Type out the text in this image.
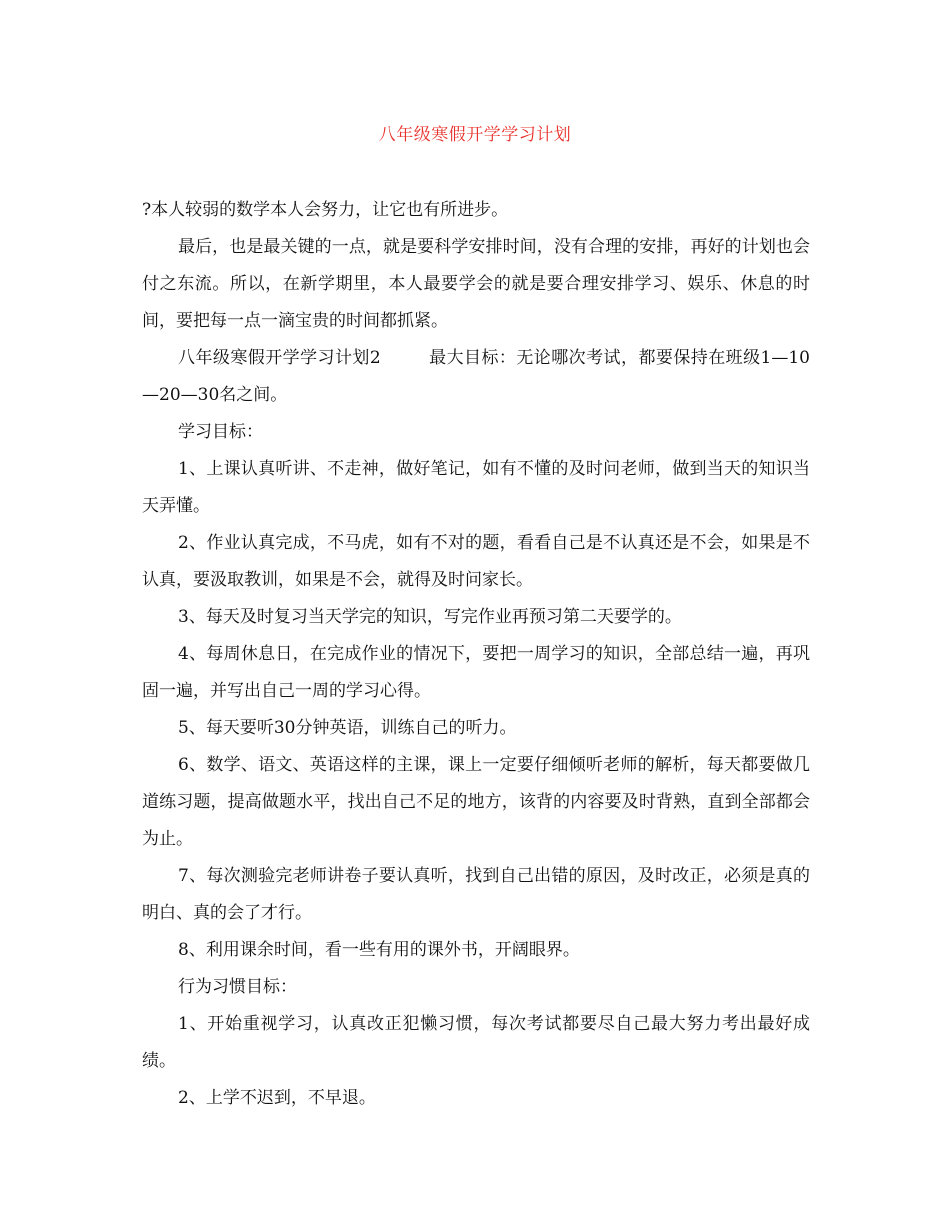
八年级寒假开学学习计划

?本人较弱的数学本人会努力，让它也有所进步。

最后，也是最关键的一点，就是要科学安排时间，没有合理的安排，再好的计划也会付之东流。所以，在新学期里，本人最要学会的就是要合理安排学习、娱乐、休息的时间，要把每一点一滴宝贵的时间都抓紧。

八年级寒假开学学习计划2	最大目标：无论哪次考试，都要保持在班级1—10—20—30名之间。

学习目标：

1、上课认真听讲、不走神，做好笔记，如有不懂的及时问老师，做到当天的知识当天弄懂。

2、作业认真完成，不马虎，如有不对的题，看看自己是不认真还是不会，如果是不认真，要汲取教训，如果是不会，就得及时问家长。

3、每天及时复习当天学完的知识，写完作业再预习第二天要学的。

4、每周休息日，在完成作业的情况下，要把一周学习的知识，全部总结一遍，再巩固一遍，并写出自己一周的学习心得。

5、每天要听30分钟英语，训练自己的听力。

6、数学、语文、英语这样的主课，课上一定要仔细倾听老师的解析，每天都要做几道练习题，提高做题水平，找出自己不足的地方，该背的内容要及时背熟，直到全部都会为止。

7、每次测验完老师讲卷子要认真听，找到自己出错的原因，及时改正，必须是真的明白、真的会了才行。

8、利用课余时间，看一些有用的课外书，开阔眼界。

行为习惯目标：

1、开始重视学习，认真改正犯懒习惯，每次考试都要尽自己最大努力考出最好成绩。

2、上学不迟到，不早退。
